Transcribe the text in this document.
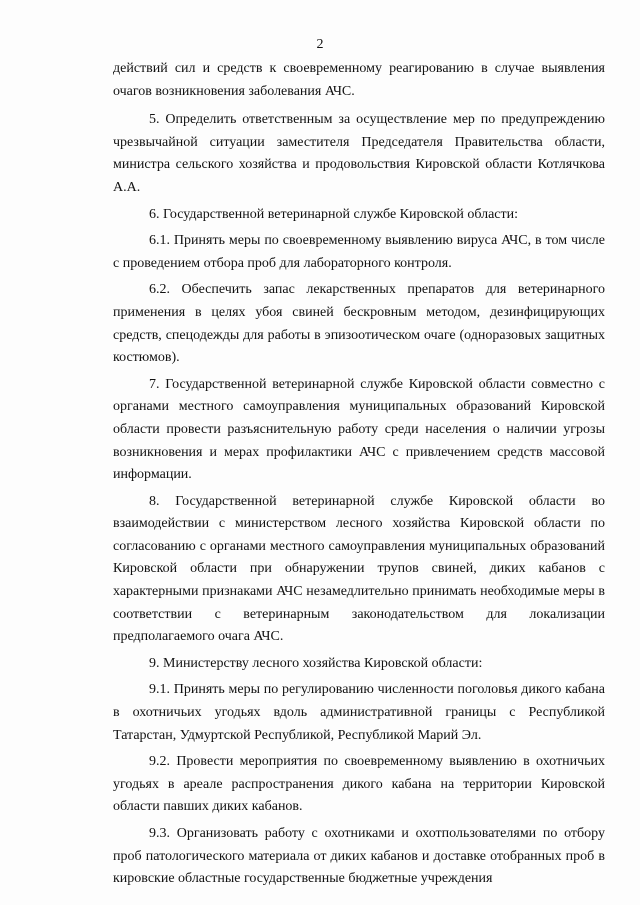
2

действий сил и средств к своевременному реагированию в случае выявления очагов возникновения заболевания АЧС.

5. Определить ответственным за осуществление мер по предупреждению чрезвычайной ситуации заместителя Председателя Правительства области, министра сельского хозяйства и продовольствия Кировской области Котлячкова А.А.

6. Государственной ветеринарной службе Кировской области:

6.1. Принять меры по своевременному выявлению вируса АЧС, в том числе с проведением отбора проб для лабораторного контроля.

6.2. Обеспечить запас лекарственных препаратов для ветеринарного применения в целях убоя свиней бескровным методом, дезинфицирующих средств, спецодежды для работы в эпизоотическом очаге (одноразовых защитных костюмов).

7. Государственной ветеринарной службе Кировской области совместно с органами местного самоуправления муниципальных образований Кировской области провести разъяснительную работу среди населения о наличии угрозы возникновения и мерах профилактики АЧС с привлечением средств массовой информации.

8. Государственной ветеринарной службе Кировской области во взаимодействии с министерством лесного хозяйства Кировской области по согласованию с органами местного самоуправления муниципальных образований Кировской области при обнаружении трупов свиней, диких кабанов с характерными признаками АЧС незамедлительно принимать необходимые меры в соответствии с ветеринарным законодательством для локализации предполагаемого очага АЧС.

9. Министерству лесного хозяйства Кировской области:

9.1. Принять меры по регулированию численности поголовья дикого кабана в охотничьих угодьях вдоль административной границы с Республикой Татарстан, Удмуртской Республикой, Республикой Марий Эл.

9.2. Провести мероприятия по своевременному выявлению в охотничьих угодьях в ареале распространения дикого кабана на территории Кировской области павших диких кабанов.

9.3. Организовать работу с охотниками и охотпользователями по отбору проб патологического материала от диких кабанов и доставке отобранных проб в кировские областные государственные бюджетные учреждения
